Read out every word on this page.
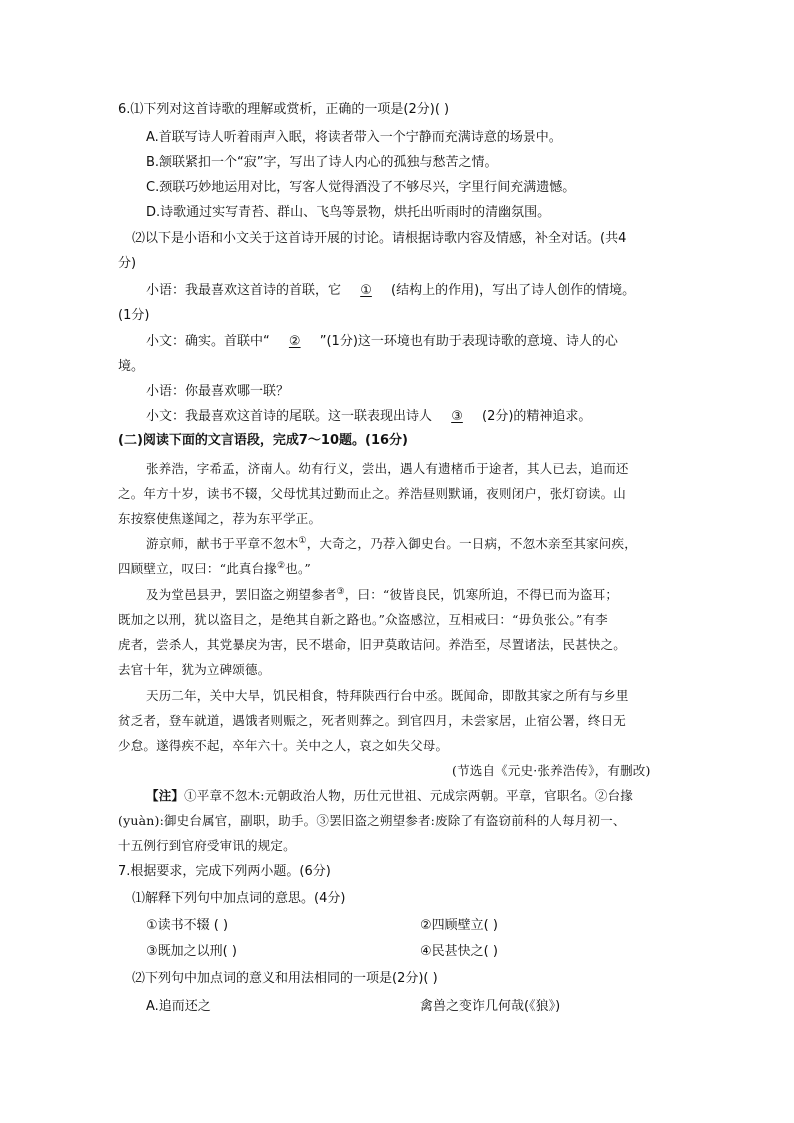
6.⑴下列对这首诗歌的理解或赏析，正确的一项是(2分)( )
A.首联写诗人听着雨声入眠，将读者带入一个宁静而充满诗意的场景中。
B.颔联紧扣一个“寂”字，写出了诗人内心的孤独与愁苦之情。
C.颈联巧妙地运用对比，写客人觉得酒没了不够尽兴，字里行间充满遗憾。
D.诗歌通过实写青苔、群山、飞鸟等景物，烘托出听雨时的清幽氛围。
⑵以下是小语和小文关于这首诗开展的讨论。请根据诗歌内容及情感，补全对话。(共4
分)
小语：我最喜欢这首诗的首联，它 ① (结构上的作用)，写出了诗人创作的情境。
(1分)
小文：确实。首联中“ ② ”(1分)这一环境也有助于表现诗歌的意境、诗人的心
境。
小语：你最喜欢哪一联？
小文：我最喜欢这首诗的尾联。这一联表现出诗人 ③ (2分)的精神追求。
(二)阅读下面的文言语段，完成7～10题。(16分)
张养浩，字希孟，济南人。幼有行义，尝出，遇人有遗楮币于途者，其人已去，追而还
之。年方十岁，读书不辍，父母忧其过勤而止之。养浩昼则默诵，夜则闭户，张灯窃读。山
东按察使焦遂闻之，荐为东平学正。
游京师，献书于平章不忽木①，大奇之，乃荐入御史台。一日病，不忽木亲至其家问疾，
四顾壁立，叹曰：“此真台掾②也。”
及为堂邑县尹，罢旧盗之朔望参者③，曰：“彼皆良民，饥寒所迫，不得已而为盗耳；
既加之以刑，犹以盗目之，是绝其自新之路也。”众盗感泣，互相戒曰：“毋负张公。”有李
虎者，尝杀人，其党暴戾为害，民不堪命，旧尹莫敢诘问。养浩至，尽置诸法，民甚快之。
去官十年，犹为立碑颂德。
天历二年，关中大旱，饥民相食，特拜陕西行台中丞。既闻命，即散其家之所有与乡里
贫乏者，登车就道，遇饿者则赈之，死者则葬之。到官四月，未尝家居，止宿公署，终日无
少怠。遂得疾不起，卒年六十。关中之人，哀之如失父母。
(节选自《元史·张养浩传》，有删改)
【注】①平章不忽木:元朝政治人物，历仕元世祖、元成宗两朝。平章，官职名。②台掾
(yuàn):御史台属官，副职，助手。③罢旧盗之朔望参者:废除了有盗窃前科的人每月初一、
十五例行到官府受审讯的规定。
7.根据要求，完成下列两小题。(6分)
⑴解释下列句中加点词的意思。(4分)
①读书不辍 ( )	②四顾壁立( )
③既加之以刑( )	④民甚快之( )
⑵下列句中加点词的意义和用法相同的一项是(2分)( )
A.追而还之	禽兽之变诈几何哉(《狼》)
